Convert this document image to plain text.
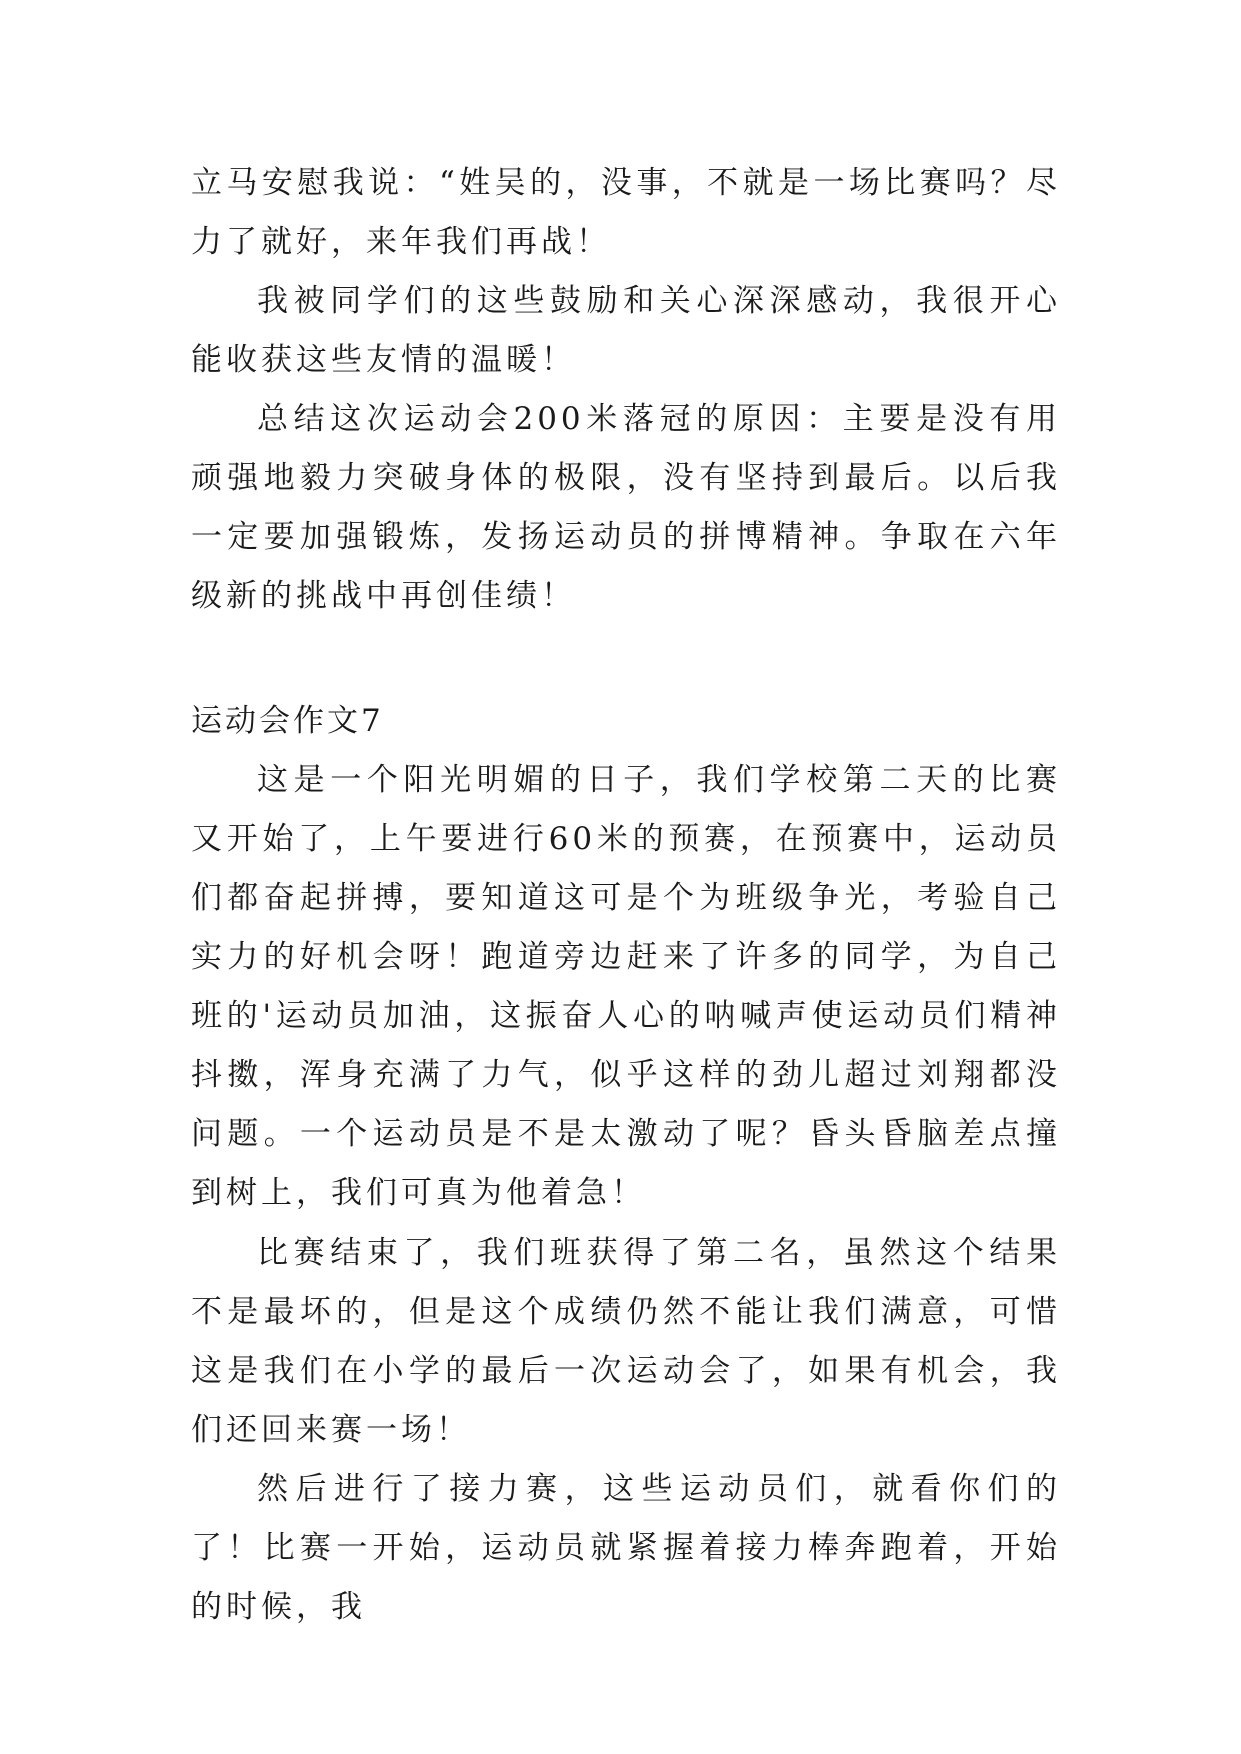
立马安慰我说：“姓吴的，没事，不就是一场比赛吗？尽力了就好，来年我们再战！

我被同学们的这些鼓励和关心深深感动，我很开心能收获这些友情的温暖！

总结这次运动会200米落冠的原因：主要是没有用顽强地毅力突破身体的极限，没有坚持到最后。以后我一定要加强锻炼，发扬运动员的拼博精神。争取在六年级新的挑战中再创佳绩！

运动会作文7

这是一个阳光明媚的日子，我们学校第二天的比赛又开始了，上午要进行60米的预赛，在预赛中，运动员们都奋起拼搏，要知道这可是个为班级争光，考验自己实力的好机会呀！跑道旁边赶来了许多的同学，为自己班的'运动员加油，这振奋人心的呐喊声使运动员们精神抖擞，浑身充满了力气，似乎这样的劲儿超过刘翔都没问题。一个运动员是不是太激动了呢？昏头昏脑差点撞到树上，我们可真为他着急！

比赛结束了，我们班获得了第二名，虽然这个结果不是最坏的，但是这个成绩仍然不能让我们满意，可惜这是我们在小学的最后一次运动会了，如果有机会，我们还回来赛一场！

然后进行了接力赛，这些运动员们，就看你们的了！比赛一开始，运动员就紧握着接力棒奔跑着，开始的时候，我
